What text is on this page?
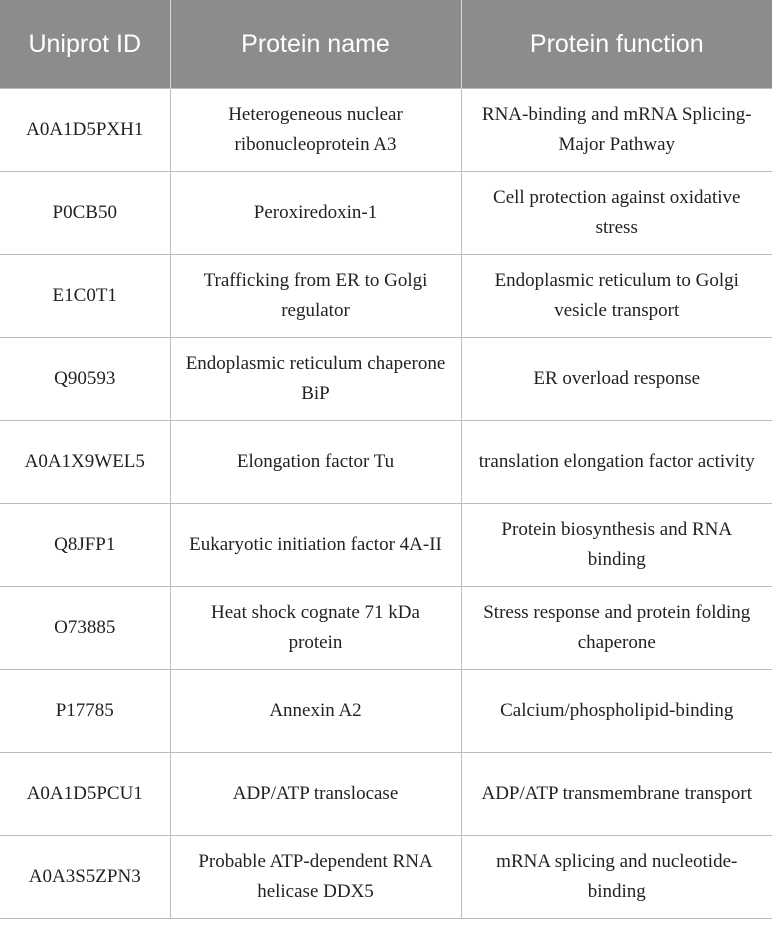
Uniprot ID	Protein name	Protein function
A0A1D5PXH1	Heterogeneous nuclear ribonucleoprotein A3	RNA-binding and mRNA Splicing-Major Pathway
P0CB50	Peroxiredoxin-1	Cell protection against oxidative stress
E1C0T1	Trafficking from ER to Golgi regulator	Endoplasmic reticulum to Golgi vesicle transport
Q90593	Endoplasmic reticulum chaperone BiP	ER overload response
A0A1X9WEL5	Elongation factor Tu	translation elongation factor activity
Q8JFP1	Eukaryotic initiation factor 4A-II	Protein biosynthesis and RNA binding
O73885	Heat shock cognate 71 kDa protein	Stress response and protein folding chaperone
P17785	Annexin A2	Calcium/phospholipid-binding
A0A1D5PCU1	ADP/ATP translocase	ADP/ATP transmembrane transport
A0A3S5ZPN3	Probable ATP-dependent RNA helicase DDX5	mRNA splicing and nucleotide-binding
